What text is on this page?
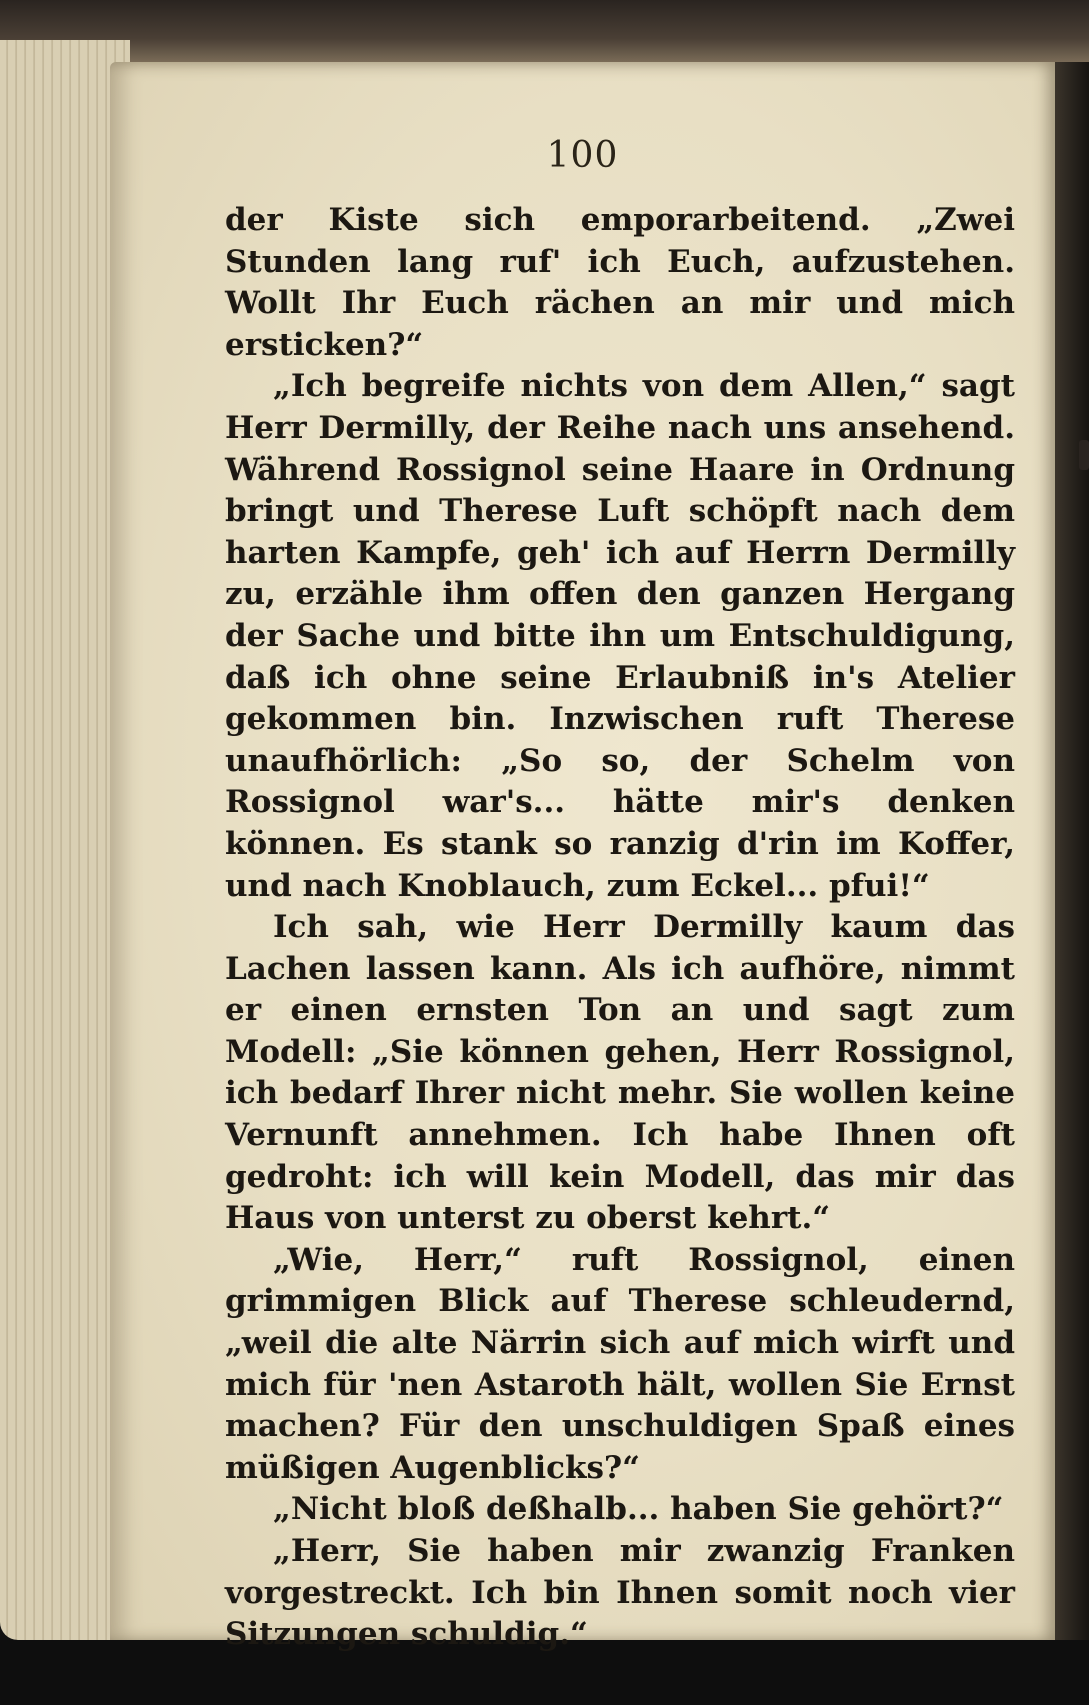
100

der Kiste sich emporarbeitend. „Zwei Stunden lang ruf' ich Euch, aufzustehen. Wollt Ihr Euch rächen an mir und mich ersticken?“

„Ich begreife nichts von dem Allen,“ sagt Herr Dermilly, der Reihe nach uns ansehend. Während Rossignol seine Haare in Ordnung bringt und Therese Luft schöpft nach dem harten Kampfe, geh' ich auf Herrn Dermilly zu, erzähle ihm offen den ganzen Hergang der Sache und bitte ihn um Entschuldigung, daß ich ohne seine Erlaubniß in's Atelier gekommen bin. Inzwischen ruft Therese unaufhörlich: „So so, der Schelm von Rossignol war's... hätte mir's denken können. Es stank so ranzig d'rin im Koffer, und nach Knoblauch, zum Eckel... pfui!“

Ich sah, wie Herr Dermilly kaum das Lachen lassen kann. Als ich aufhöre, nimmt er einen ernsten Ton an und sagt zum Modell: „Sie können gehen, Herr Rossignol, ich bedarf Ihrer nicht mehr. Sie wollen keine Vernunft annehmen. Ich habe Ihnen oft gedroht: ich will kein Modell, das mir das Haus von unterst zu oberst kehrt.“

„Wie, Herr,“ ruft Rossignol, einen grimmigen Blick auf Therese schleudernd, „weil die alte Närrin sich auf mich wirft und mich für 'nen Astaroth hält, wollen Sie Ernst machen? Für den unschuldigen Spaß eines müßigen Augenblicks?“

„Nicht bloß deßhalb... haben Sie gehört?“

„Herr, Sie haben mir zwanzig Franken vorgestreckt. Ich bin Ihnen somit noch vier Sitzungen schuldig.“
